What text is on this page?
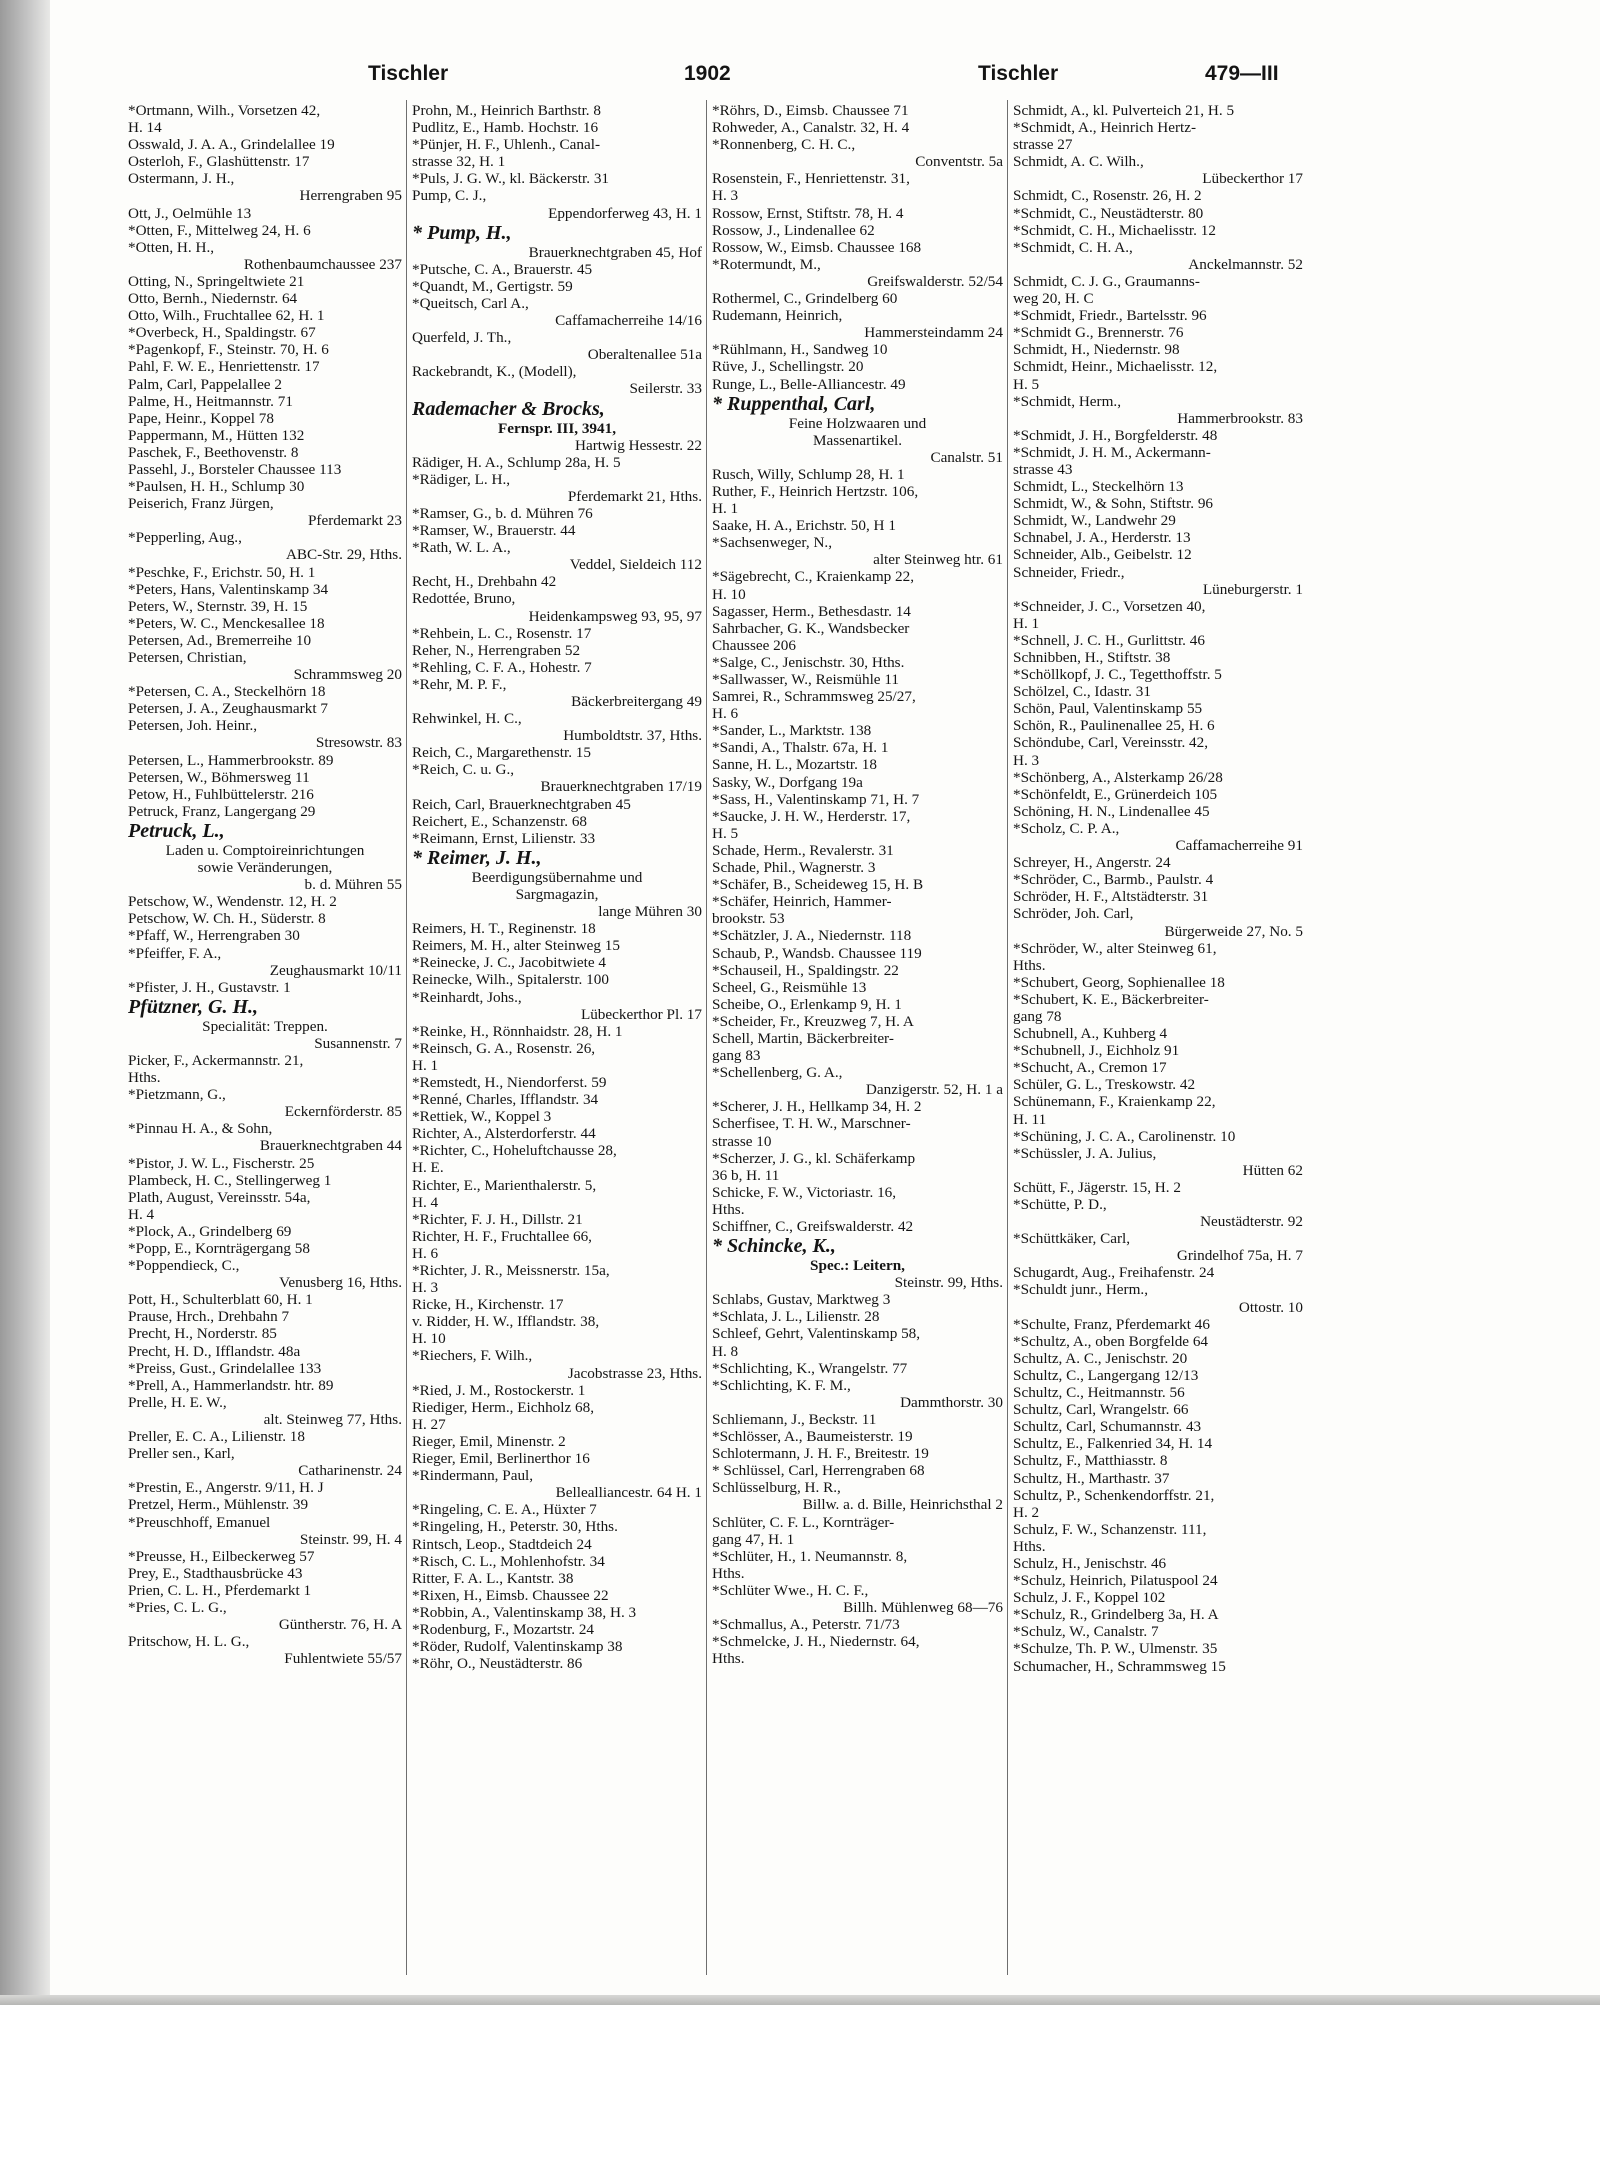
Tischler	1902	Tischler	479—III
*Ortmann, Wilh., Vorsetzen 42,
H. 14
Osswald, J. A. A., Grindelallee 19
Osterloh, F., Glashüttenstr. 17
Ostermann, J. H.,
Herrengraben 95
Ott, J., Oelmühle 13
*Otten, F., Mittelweg 24, H. 6
*Otten, H. H.,
Rothenbaumchaussee 237
Otting, N., Springeltwiete 21
Otto, Bernh., Niedernstr. 64
Otto, Wilh., Fruchtallee 62, H. 1
*Overbeck, H., Spaldingstr. 67
*Pagenkopf, F., Steinstr. 70, H. 6
Pahl, F. W. E., Henriettenstr. 17
Palm, Carl, Pappelallee 2
Palme, H., Heitmannstr. 71
Pape, Heinr., Koppel 78
Pappermann, M., Hütten 132
Paschek, F., Beethovenstr. 8
Passehl, J., Borsteler Chaussee 113
*Paulsen, H. H., Schlump 30
Peiserich, Franz Jürgen,
Pferdemarkt 23
*Pepperling, Aug.,
ABC-Str. 29, Hths.
*Peschke, F., Erichstr. 50, H. 1
*Peters, Hans, Valentinskamp 34
Peters, W., Sternstr. 39, H. 15
*Peters, W. C., Menckesallee 18
Petersen, Ad., Bremerreihe 10
Petersen, Christian,
Schrammsweg 20
*Petersen, C. A., Steckelhörn 18
Petersen, J. A., Zeughausmarkt 7
Petersen, Joh. Heinr.,
Stresowstr. 83
Petersen, L., Hammerbrookstr. 89
Petersen, W., Böhmersweg 11
Petow, H., Fuhlbüttelerstr. 216
Petruck, Franz, Langergang 29
Petruck, L.,
Laden u. Comptoireinrichtungen
sowie Veränderungen,
b. d. Mühren 55
Petschow, W., Wendenstr. 12, H. 2
Petschow, W. Ch. H., Süderstr. 8
*Pfaff, W., Herrengraben 30
*Pfeiffer, F. A.,
Zeughausmarkt 10/11
*Pfister, J. H., Gustavstr. 1
Pfützner, G. H.,
Specialität: Treppen.
Susannenstr. 7
Picker, F., Ackermannstr. 21,
Hths.
*Pietzmann, G.,
Eckernförderstr. 85
*Pinnau H. A., & Sohn,
Brauerknechtgraben 44
*Pistor, J. W. L., Fischerstr. 25
Plambeck, H. C., Stellingerweg 1
Plath, August, Vereinsstr. 54a,
H. 4
*Plock, A., Grindelberg 69
*Popp, E., Kornträgergang 58
*Poppendieck, C.,
Venusberg 16, Hths.
Pott, H., Schulterblatt 60, H. 1
Prause, Hrch., Drehbahn 7
Precht, H., Norderstr. 85
Precht, H. D., Ifflandstr. 48a
*Preiss, Gust., Grindelallee 133
*Prell, A., Hammerlandstr. htr. 89
Prelle, H. E. W.,
alt. Steinweg 77, Hths.
Preller, E. C. A., Lilienstr. 18
Preller sen., Karl,
Catharinenstr. 24
*Prestin, E., Angerstr. 9/11, H. J
Pretzel, Herm., Mühlenstr. 39
*Preuschhoff, Emanuel
Steinstr. 99, H. 4
*Preusse, H., Eilbeckerweg 57
Prey, E., Stadthausbrücke 43
Prien, C. L. H., Pferdemarkt 1
*Pries, C. L. G.,
Güntherstr. 76, H. A
Pritschow, H. L. G.,
Fuhlentwiete 55/57
Prohn, M., Heinrich Barthstr. 8
Pudlitz, E., Hamb. Hochstr. 16
*Pünjer, H. F., Uhlenh., Canal-
strasse 32, H. 1
*Puls, J. G. W., kl. Bäckerstr. 31
Pump, C. J.,
Eppendorferweg 43, H. 1
* Pump, H.,
Brauerknechtgraben 45, Hof
*Putsche, C. A., Brauerstr. 45
*Quandt, M., Gertigstr. 59
*Queitsch, Carl A.,
Caffamacherreihe 14/16
Querfeld, J. Th.,
Oberaltenallee 51a
Rackebrandt, K., (Modell),
Seilerstr. 33
Rademacher & Brocks,
Fernspr. III, 3941,
Hartwig Hessestr. 22
Rädiger, H. A., Schlump 28a, H. 5
*Rädiger, L. H.,
Pferdemarkt 21, Hths.
*Ramser, G., b. d. Mühren 76
*Ramser, W., Brauerstr. 44
*Rath, W. L. A.,
Veddel, Sieldeich 112
Recht, H., Drehbahn 42
Redottée, Bruno,
Heidenkampsweg 93, 95, 97
*Rehbein, L. C., Rosenstr. 17
Reher, N., Herrengraben 52
*Rehling, C. F. A., Hohestr. 7
*Rehr, M. P. F.,
Bäckerbreitergang 49
Rehwinkel, H. C.,
Humboldtstr. 37, Hths.
Reich, C., Margarethenstr. 15
*Reich, C. u. G.,
Brauerknechtgraben 17/19
Reich, Carl, Brauerknechtgraben 45
Reichert, E., Schanzenstr. 68
*Reimann, Ernst, Lilienstr. 33
* Reimer, J. H.,
Beerdigungsübernahme und
Sargmagazin,
lange Mühren 30
Reimers, H. T., Reginenstr. 18
Reimers, M. H., alter Steinweg 15
*Reinecke, J. C., Jacobitwiete 4
Reinecke, Wilh., Spitalerstr. 100
*Reinhardt, Johs.,
Lübeckerthor Pl. 17
*Reinke, H., Rönnhaidstr. 28, H. 1
*Reinsch, G. A., Rosenstr. 26,
H. 1
*Remstedt, H., Niendorferst. 59
*Renné, Charles, Ifflandstr. 34
*Rettiek, W., Koppel 3
Richter, A., Alsterdorferstr. 44
*Richter, C., Hoheluftchausse 28,
H. E.
Richter, E., Marienthalerstr. 5,
H. 4
*Richter, F. J. H., Dillstr. 21
Richter, H. F., Fruchtallee 66,
H. 6
*Richter, J. R., Meissnerstr. 15a,
H. 3
Ricke, H., Kirchenstr. 17
v. Ridder, H. W., Ifflandstr. 38,
H. 10
*Riechers, F. Wilh.,
Jacobstrasse 23, Hths.
*Ried, J. M., Rostockerstr. 1
Riediger, Herm., Eichholz 68,
H. 27
Rieger, Emil, Minenstr. 2
Rieger, Emil, Berlinerthor 16
*Rindermann, Paul,
Bellealliancestr. 64 H. 1
*Ringeling, C. E. A., Hüxter 7
*Ringeling, H., Peterstr. 30, Hths.
Rintsch, Leop., Stadtdeich 24
*Risch, C. L., Mohlenhofstr. 34
Ritter, F. A. L., Kantstr. 38
*Rixen, H., Eimsb. Chaussee 22
*Robbin, A., Valentinskamp 38, H. 3
*Rodenburg, F., Mozartstr. 24
*Röder, Rudolf, Valentinskamp 38
*Röhr, O., Neustädterstr. 86
*Röhrs, D., Eimsb. Chaussee 71
Rohweder, A., Canalstr. 32, H. 4
*Ronnenberg, C. H. C.,
Conventstr. 5a
Rosenstein, F., Henriettenstr. 31,
H. 3
Rossow, Ernst, Stiftstr. 78, H. 4
Rossow, J., Lindenallee 62
Rossow, W., Eimsb. Chaussee 168
*Rotermundt, M.,
Greifswalderstr. 52/54
Rothermel, C., Grindelberg 60
Rudemann, Heinrich,
Hammersteindamm 24
*Rühlmann, H., Sandweg 10
Rüve, J., Schellingstr. 20
Runge, L., Belle-Alliancestr. 49
* Ruppenthal, Carl,
Feine Holzwaaren und
Massenartikel.
Canalstr. 51
Rusch, Willy, Schlump 28, H. 1
Ruther, F., Heinrich Hertzstr. 106,
H. 1
Saake, H. A., Erichstr. 50, H 1
*Sachsenweger, N.,
alter Steinweg htr. 61
*Sägebrecht, C., Kraienkamp 22,
H. 10
Sagasser, Herm., Bethesdastr. 14
Sahrbacher, G. K., Wandsbecker
Chaussee 206
*Salge, C., Jenischstr. 30, Hths.
*Sallwasser, W., Reismühle 11
Samrei, R., Schrammsweg 25/27,
H. 6
*Sander, L., Marktstr. 138
*Sandi, A., Thalstr. 67a, H. 1
Sanne, H. L., Mozartstr. 18
Sasky, W., Dorfgang 19a
*Sass, H., Valentinskamp 71, H. 7
*Saucke, J. H. W., Herderstr. 17,
H. 5
Schade, Herm., Revalerstr. 31
Schade, Phil., Wagnerstr. 3
*Schäfer, B., Scheideweg 15, H. B
*Schäfer, Heinrich, Hammer-
brookstr. 53
*Schätzler, J. A., Niedernstr. 118
Schaub, P., Wandsb. Chaussee 119
*Schauseil, H., Spaldingstr. 22
Scheel, G., Reismühle 13
Scheibe, O., Erlenkamp 9, H. 1
*Scheider, Fr., Kreuzweg 7, H. A
Schell, Martin, Bäckerbreiter-
gang 83
*Schellenberg, G. A.,
Danzigerstr. 52, H. 1 a
*Scherer, J. H., Hellkamp 34, H. 2
Scherfisee, T. H. W., Marschner-
strasse 10
*Scherzer, J. G., kl. Schäferkamp
36 b, H. 11
Schicke, F. W., Victoriastr. 16,
Hths.
Schiffner, C., Greifswalderstr. 42
* Schincke, K.,
Spec.: Leitern,
Steinstr. 99, Hths.
Schlabs, Gustav, Marktweg 3
*Schlata, J. L., Lilienstr. 28
Schleef, Gehrt, Valentinskamp 58,
H. 8
*Schlichting, K., Wrangelstr. 77
*Schlichting, K. F. M.,
Dammthorstr. 30
Schliemann, J., Beckstr. 11
*Schlösser, A., Baumeisterstr. 19
Schlotermann, J. H. F., Breitestr. 19
* Schlüssel, Carl, Herrengraben 68
Schlüsselburg, H. R.,
Billw. a. d. Bille, Heinrichsthal 2
Schlüter, C. F. L., Kornträger-
gang 47, H. 1
*Schlüter, H., 1. Neumannstr. 8,
Hths.
*Schlüter Wwe., H. C. F.,
Billh. Mühlenweg 68—76
*Schmallus, A., Peterstr. 71/73
*Schmelcke, J. H., Niedernstr. 64,
Hths.
Schmidt, A., kl. Pulverteich 21, H. 5
*Schmidt, A., Heinrich Hertz-
strasse 27
Schmidt, A. C. Wilh.,
Lübeckerthor 17
Schmidt, C., Rosenstr. 26, H. 2
*Schmidt, C., Neustädterstr. 80
*Schmidt, C. H., Michaelisstr. 12
*Schmidt, C. H. A.,
Anckelmannstr. 52
Schmidt, C. J. G., Graumanns-
weg 20, H. C
*Schmidt, Friedr., Bartelsstr. 96
*Schmidt G., Brennerstr. 76
Schmidt, H., Niedernstr. 98
Schmidt, Heinr., Michaelisstr. 12,
H. 5
*Schmidt, Herm.,
Hammerbrookstr. 83
*Schmidt, J. H., Borgfelderstr. 48
*Schmidt, J. H. M., Ackermann-
strasse 43
Schmidt, L., Steckelhörn 13
Schmidt, W., & Sohn, Stiftstr. 96
Schmidt, W., Landwehr 29
Schnabel, J. A., Herderstr. 13
Schneider, Alb., Geibelstr. 12
Schneider, Friedr.,
Lüneburgerstr. 1
*Schneider, J. C., Vorsetzen 40,
H. 1
*Schnell, J. C. H., Gurlittstr. 46
Schnibben, H., Stiftstr. 38
*Schöllkopf, J. C., Tegetthoffstr. 5
Schölzel, C., Idastr. 31
Schön, Paul, Valentinskamp 55
Schön, R., Paulinenallee 25, H. 6
Schöndube, Carl, Vereinsstr. 42,
H. 3
*Schönberg, A., Alsterkamp 26/28
*Schönfeldt, E., Grünerdeich 105
Schöning, H. N., Lindenallee 45
*Scholz, C. P. A.,
Caffamacherreihe 91
Schreyer, H., Angerstr. 24
*Schröder, C., Barmb., Paulstr. 4
Schröder, H. F., Altstädterstr. 31
Schröder, Joh. Carl,
Bürgerweide 27, No. 5
*Schröder, W., alter Steinweg 61,
Hths.
*Schubert, Georg, Sophienallee 18
*Schubert, K. E., Bäckerbreiter-
gang 78
Schubnell, A., Kuhberg 4
*Schubnell, J., Eichholz 91
*Schucht, A., Cremon 17
Schüler, G. L., Treskowstr. 42
Schünemann, F., Kraienkamp 22,
H. 11
*Schüning, J. C. A., Carolinenstr. 10
*Schüssler, J. A. Julius,
Hütten 62
Schütt, F., Jägerstr. 15, H. 2
*Schütte, P. D.,
Neustädterstr. 92
*Schüttkäker, Carl,
Grindelhof 75a, H. 7
Schugardt, Aug., Freihafenstr. 24
*Schuldt junr., Herm.,
Ottostr. 10
*Schulte, Franz, Pferdemarkt 46
*Schultz, A., oben Borgfelde 64
Schultz, A. C., Jenischstr. 20
Schultz, C., Langergang 12/13
Schultz, C., Heitmannstr. 56
Schultz, Carl, Wrangelstr. 66
Schultz, Carl, Schumannstr. 43
Schultz, E., Falkenried 34, H. 14
Schultz, F., Matthiasstr. 8
Schultz, H., Marthastr. 37
Schultz, P., Schenkendorffstr. 21,
H. 2
Schulz, F. W., Schanzenstr. 111,
Hths.
Schulz, H., Jenischstr. 46
*Schulz, Heinrich, Pilatuspool 24
Schulz, J. F., Koppel 102
*Schulz, R., Grindelberg 3a, H. A
*Schulz, W., Canalstr. 7
*Schulze, Th. P. W., Ulmenstr. 35
Schumacher, H., Schrammsweg 15
